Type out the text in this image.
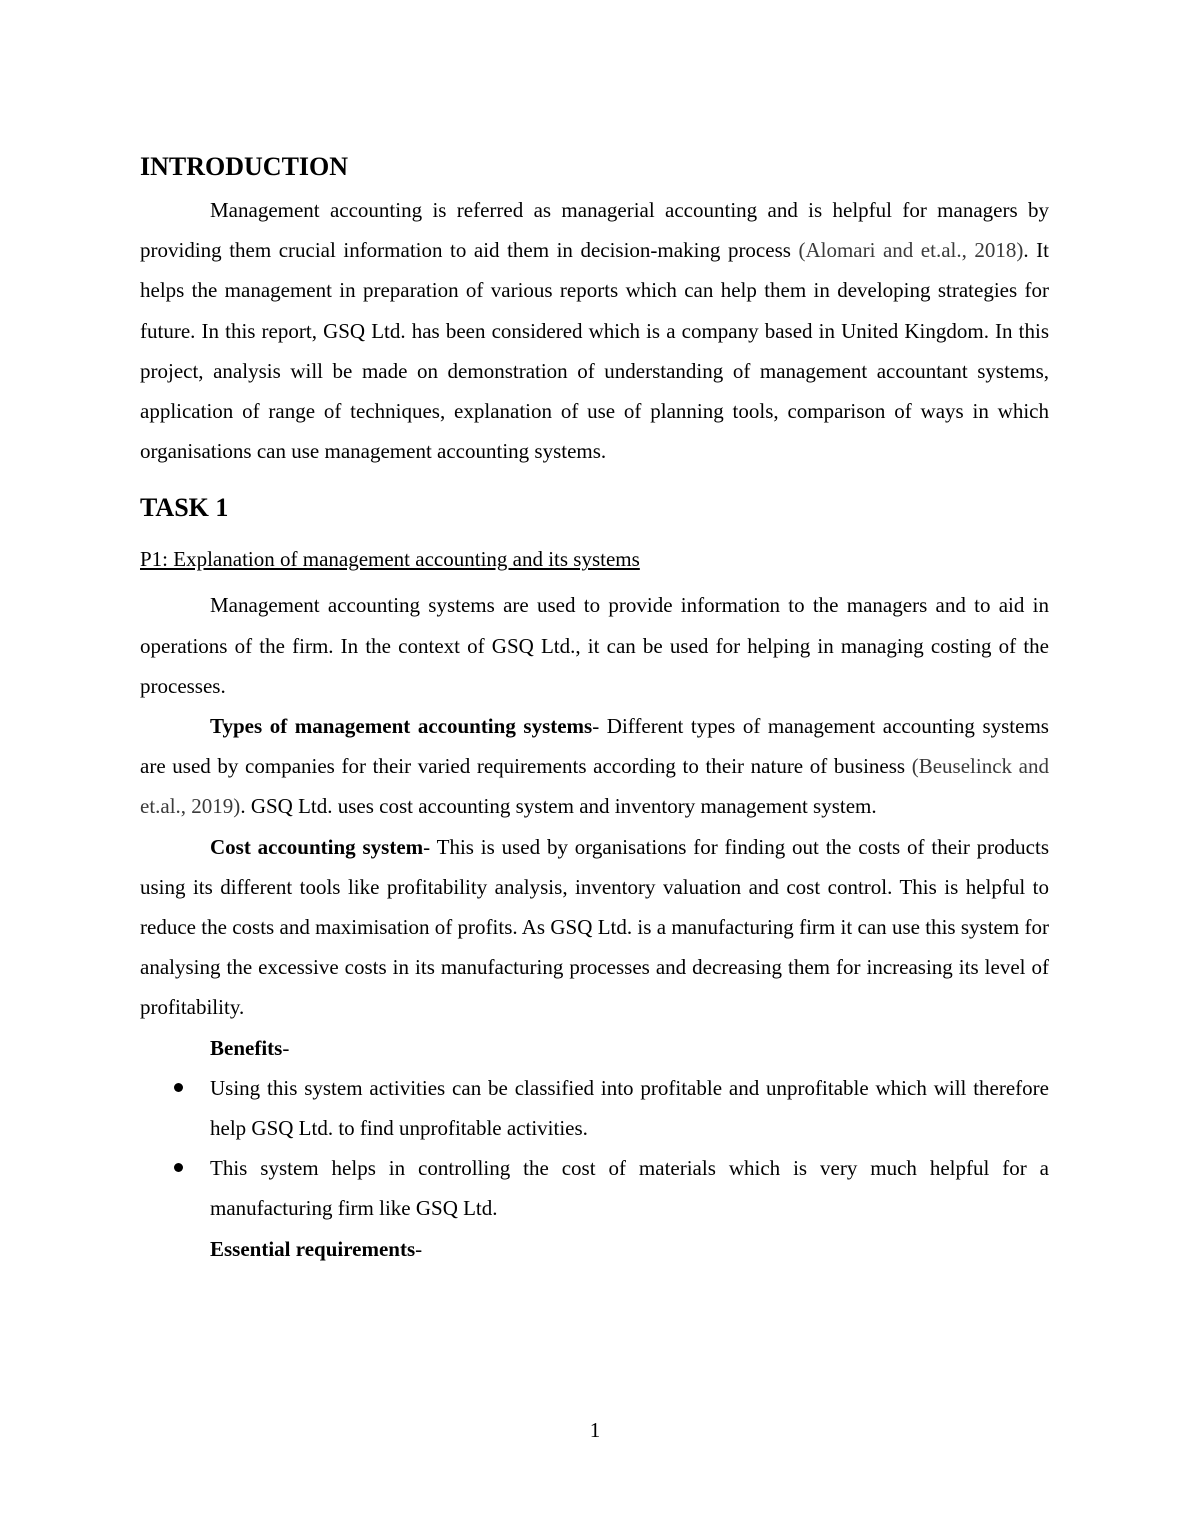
INTRODUCTION

Management accounting is referred as managerial accounting and is helpful for managers by providing them crucial information to aid them in decision-making process (Alomari and et.al., 2018). It helps the management in preparation of various reports which can help them in developing strategies for future. In this report, GSQ Ltd. has been considered which is a company based in United Kingdom. In this project, analysis will be made on demonstration of understanding of management accountant systems, application of range of techniques, explanation of use of planning tools, comparison of ways in which organisations can use management accounting systems.

TASK 1

P1: Explanation of management accounting and its systems

Management accounting systems are used to provide information to the managers and to aid in operations of the firm. In the context of GSQ Ltd., it can be used for helping in managing costing of the processes.

Types of management accounting systems- Different types of management accounting systems are used by companies for their varied requirements according to their nature of business (Beuselinck and et.al., 2019). GSQ Ltd. uses cost accounting system and inventory management system.

Cost accounting system- This is used by organisations for finding out the costs of their products using its different tools like profitability analysis, inventory valuation and cost control. This is helpful to reduce the costs and maximisation of profits. As GSQ Ltd. is a manufacturing firm it can use this system for analysing the excessive costs in its manufacturing processes and decreasing them for increasing its level of profitability.

Benefits-

Using this system activities can be classified into profitable and unprofitable which will therefore help GSQ Ltd. to find unprofitable activities.
This system helps in controlling the cost of materials which is very much helpful for a manufacturing firm like GSQ Ltd.

Essential requirements-

1
